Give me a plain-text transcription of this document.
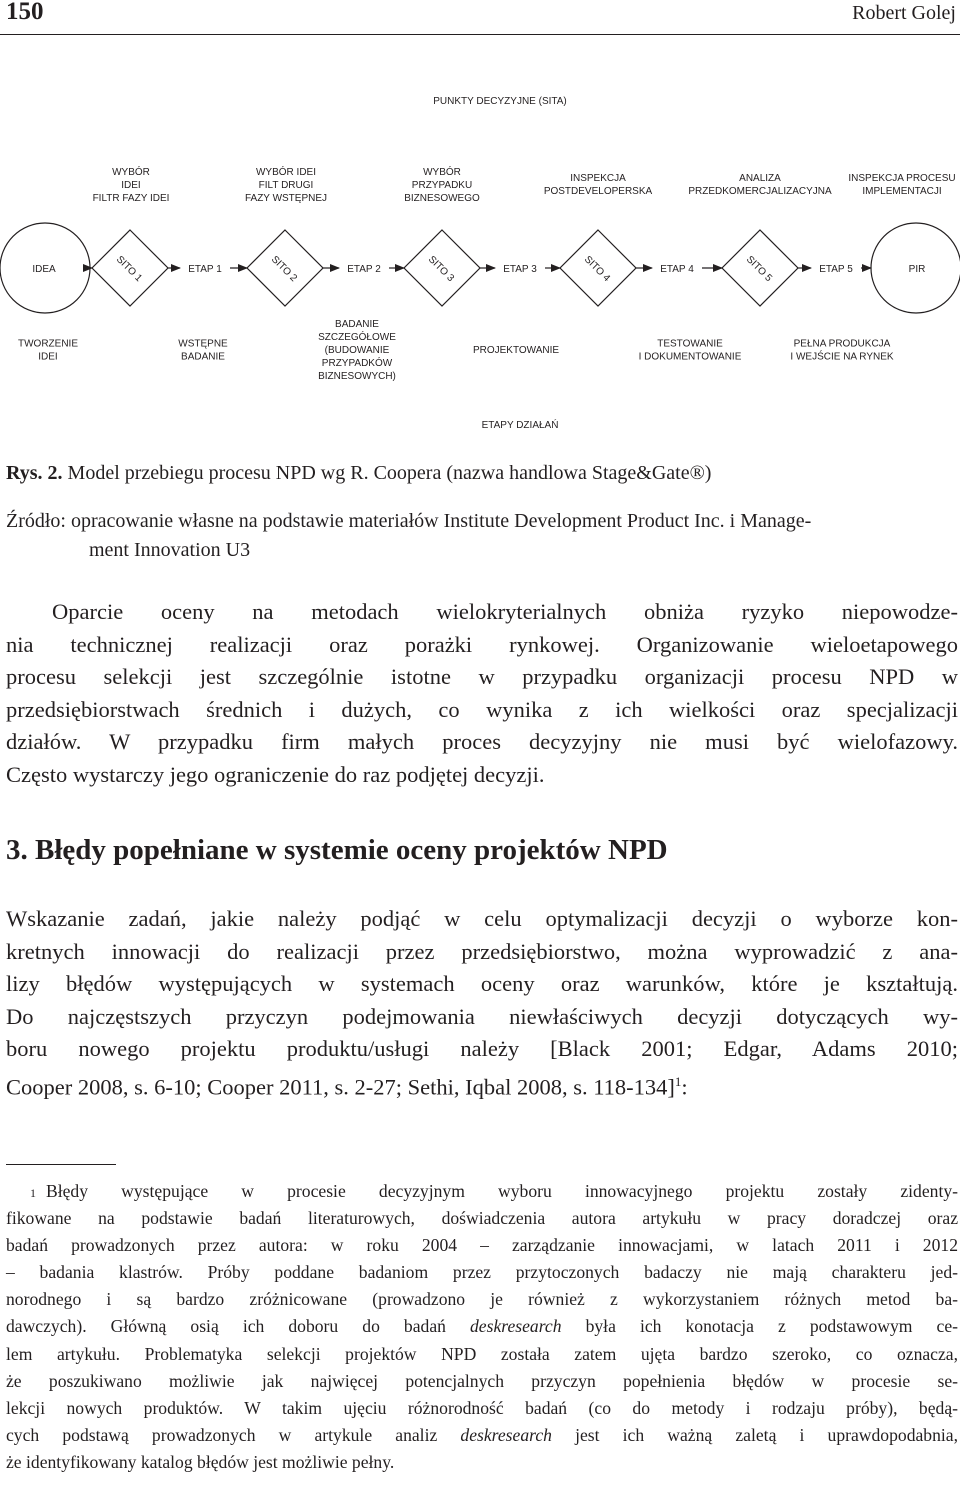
150	Robert Golej
PUNKTY DECYZYJNE (SITA)
WYBÓR
IDEI
FILTR FAZY IDEI
WYBÓR IDEI
FILT DRUGI
FAZY WSTĘPNEJ
WYBÓR
PRZYPADKU
BIZNESOWEGO
INSPEKCJA
POSTDEVELOPERSKA
ANALIZA
PRZEDKOMERCJALIZACYJNA
INSPEKCJA PROCESU
IMPLEMENTACJI
IDEA	PIR
SITO 1	ETAP 1	SITO 2	ETAP 2	SITO 3	ETAP 3	SITO 4	ETAP 4	SITO 5	ETAP 5
TWORZENIE
IDEI
WSTĘPNE
BADANIE
BADANIE
SZCZEGÓŁOWE
(BUDOWANIE
PRZYPADKÓW
BIZNESOWYCH)
PROJEKTOWANIE
TESTOWANIE
I DOKUMENTOWANIE
PEŁNA PRODUKCJA
I WEJŚCIE NA RYNEK
ETAPY DZIAŁAŃ
Rys. 2. Model przebiegu procesu NPD wg R. Coopera (nazwa handlowa Stage&Gate®)
Źródło: opracowanie własne na podstawie materiałów Institute Development Product Inc. i Manage-
ment Innovation U3
Oparcie oceny na metodach wielokryterialnych obniża ryzyko niepowodze-
nia technicznej realizacji oraz porażki rynkowej. Organizowanie wieloetapowego
procesu selekcji jest szczególnie istotne w przypadku organizacji procesu NPD w
przedsiębiorstwach średnich i dużych, co wynika z ich wielkości oraz specjalizacji
działów. W przypadku firm małych proces decyzyjny nie musi być wielofazowy.
Często wystarczy jego ograniczenie do raz podjętej decyzji.
3. Błędy popełniane w systemie oceny projektów NPD
Wskazanie zadań, jakie należy podjąć w celu optymalizacji decyzji o wyborze kon-
kretnych innowacji do realizacji przez przedsiębiorstwo, można wyprowadzić z ana-
lizy błędów występujących w systemach oceny oraz warunków, które je kształtują.
Do najczęstszych przyczyn podejmowania niewłaściwych decyzji dotyczących wy-
boru nowego projektu produktu/usługi należy [Black 2001; Edgar, Adams 2010;
Cooper 2008, s. 6-10; Cooper 2011, s. 2-27; Sethi, Iqbal 2008, s. 118-134]$^1$:
$^1$ Błędy występujące w procesie decyzyjnym wyboru innowacyjnego projektu zostały zidenty-
fikowane na podstawie badań literaturowych, doświadczenia autora artykułu w pracy doradczej oraz
badań prowadzonych przez autora: w roku 2004 – zarządzanie innowacjami, w latach 2011 i 2012
– badania klastrów. Próby poddane badaniom przez przytoczonych badaczy nie mają charakteru jed-
norodnego i są bardzo zróżnicowane (prowadzono je również z wykorzystaniem różnych metod ba-
dawczych). Główną osią ich doboru do badań deskresearch była ich konotacja z podstawowym ce-
lem artykułu. Problematyka selekcji projektów NPD została zatem ujęta bardzo szeroko, co oznacza,
że poszukiwano możliwie jak najwięcej potencjalnych przyczyn popełnienia błędów w procesie se-
lekcji nowych produktów. W takim ujęciu różnorodność badań (co do metody i rodzaju próby), będą-
cych podstawą prowadzonych w artykule analiz deskresearch jest ich ważną zaletą i uprawdopodabnia,
że identyfikowany katalog błędów jest możliwie pełny.
